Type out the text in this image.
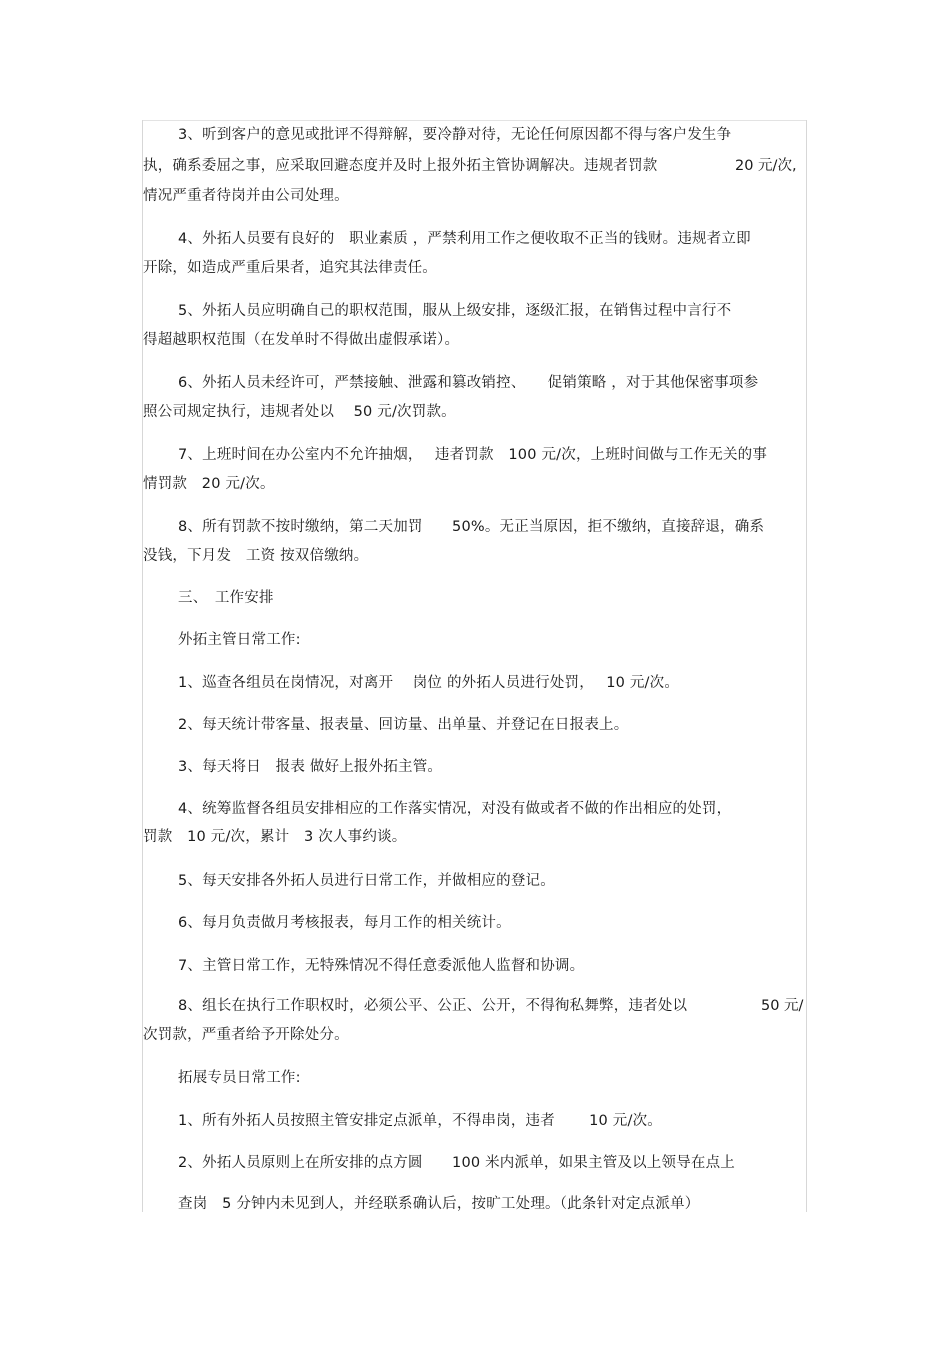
3、听到客户的意见或批评不得辩解，要冷静对待，无论任何原因都不得与客户发生争
执，确系委屈之事，应采取回避态度并及时上报外拓主管协调解决。违规者罚款	20 元/次,
情况严重者待岗并由公司处理。
4、外拓人员要有良好的　职业素质 ，严禁利用工作之便收取不正当的钱财。违规者立即
开除，如造成严重后果者，追究其法律责任。
5、外拓人员应明确自己的职权范围，服从上级安排，逐级汇报，在销售过程中言行不
得超越职权范围（在发单时不得做出虚假承诺）。
6、外拓人员未经许可，严禁接触、泄露和篡改销控、　　促销策略 ，对于其他保密事项参
照公司规定执行，违规者处以　 50 元/次罚款。
7、上班时间在办公室内不允许抽烟，　 违者罚款　100 元/次，上班时间做与工作无关的事
情罚款　20 元/次。
8、所有罚款不按时缴纳，第二天加罚　　50%。无正当原因，拒不缴纳，直接辞退，确系
没钱，下月发　工资 按双倍缴纳。
三、　工作安排
外拓主管日常工作:
1、巡查各组员在岗情况，对离开　 岗位 的外拓人员进行处罚，　 10 元/次。
2、每天统计带客量、报表量、回访量、出单量、并登记在日报表上。
3、每天将日　报表 做好上报外拓主管。
4、统筹监督各组员安排相应的工作落实情况，对没有做或者不做的作出相应的处罚，
罚款　10 元/次，累计　3 次人事约谈。
5、每天安排各外拓人员进行日常工作，并做相应的登记。
6、每月负责做月考核报表，每月工作的相关统计。
7、主管日常工作，无特殊情况不得任意委派他人监督和协调。
8、组长在执行工作职权时，必须公平、公正、公开，不得徇私舞弊，违者处以	50 元/
次罚款，严重者给予开除处分。
拓展专员日常工作:
1、所有外拓人员按照主管安排定点派单，不得串岗，违者　　 10 元/次。
2、外拓人员原则上在所安排的点方圆　　100 米内派单，如果主管及以上领导在点上
查岗　5 分钟内未见到人，并经联系确认后，按旷工处理。（此条针对定点派单）
